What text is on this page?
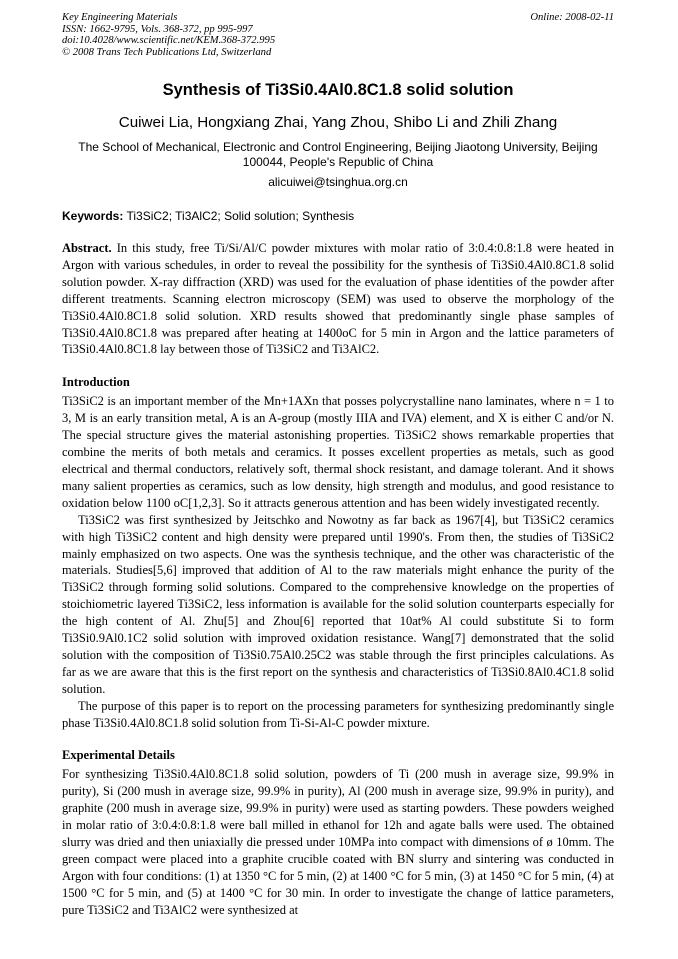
Key Engineering Materials
ISSN: 1662-9795, Vols. 368-372, pp 995-997
doi:10.4028/www.scientific.net/KEM.368-372.995
© 2008 Trans Tech Publications Ltd, Switzerland
Online: 2008-02-11
Synthesis of Ti3Si0.4Al0.8C1.8 solid solution
Cuiwei Lia, Hongxiang Zhai, Yang Zhou, Shibo Li and Zhili Zhang
The School of Mechanical, Electronic and Control Engineering, Beijing Jiaotong University, Beijing
100044, People's Republic of China
alicuiwei@tsinghua.org.cn
Keywords: Ti3SiC2; Ti3AlC2; Solid solution; Synthesis

Abstract. In this study, free Ti/Si/Al/C powder mixtures with molar ratio of 3:0.4:0.8:1.8 were heated in Argon with various schedules, in order to reveal the possibility for the synthesis of Ti3Si0.4Al0.8C1.8 solid solution powder. X-ray diffraction (XRD) was used for the evaluation of phase identities of the powder after different treatments. Scanning electron microscopy (SEM) was used to observe the morphology of the Ti3Si0.4Al0.8C1.8 solid solution. XRD results showed that predominantly single phase samples of Ti3Si0.4Al0.8C1.8 was prepared after heating at 1400oC for 5 min in Argon and the lattice parameters of Ti3Si0.4Al0.8C1.8 lay between those of Ti3SiC2 and Ti3AlC2.

Introduction

Ti3SiC2 is an important member of the Mn+1AXn that posses polycrystalline nano laminates, where n = 1 to 3, M is an early transition metal, A is an A-group (mostly IIIA and IVA) element, and X is either C and/or N. The special structure gives the material astonishing properties. Ti3SiC2 shows remarkable properties that combine the merits of both metals and ceramics. It posses excellent properties as metals, such as good electrical and thermal conductors, relatively soft, thermal shock resistant, and damage tolerant. And it shows many salient properties as ceramics, such as low density, high strength and modulus, and good resistance to oxidation below 1100 oC[1,2,3]. So it attracts generous attention and has been widely investigated recently.

Ti3SiC2 was first synthesized by Jeitschko and Nowotny as far back as 1967[4], but Ti3SiC2 ceramics with high Ti3SiC2 content and high density were prepared until 1990's. From then, the studies of Ti3SiC2 mainly emphasized on two aspects. One was the synthesis technique, and the other was characteristic of the materials. Studies[5,6] improved that addition of Al to the raw materials might enhance the purity of the Ti3SiC2 through forming solid solutions. Compared to the comprehensive knowledge on the properties of stoichiometric layered Ti3SiC2, less information is available for the solid solution counterparts especially for the high content of Al. Zhu[5] and Zhou[6] reported that 10at% Al could substitute Si to form Ti3Si0.9Al0.1C2 solid solution with improved oxidation resistance. Wang[7] demonstrated that the solid solution with the composition of Ti3Si0.75Al0.25C2 was stable through the first principles calculations. As far as we are aware that this is the first report on the synthesis and characteristics of Ti3Si0.8Al0.4C1.8 solid solution.

The purpose of this paper is to report on the processing parameters for synthesizing predominantly single phase Ti3Si0.4Al0.8C1.8 solid solution from Ti-Si-Al-C powder mixture.

Experimental Details

For synthesizing Ti3Si0.4Al0.8C1.8 solid solution, powders of Ti (200 mush in average size, 99.9% in purity), Si (200 mush in average size, 99.9% in purity), Al (200 mush in average size, 99.9% in purity), and graphite (200 mush in average size, 99.9% in purity) were used as starting powders. These powders weighed in molar ratio of 3:0.4:0.8:1.8 were ball milled in ethanol for 12h and agate balls were used. The obtained slurry was dried and then uniaxially die pressed under 10MPa into compact with dimensions of ø 10mm. The green compact were placed into a graphite crucible coated with BN slurry and sintering was conducted in Argon with four conditions: (1) at 1350 °C for 5 min, (2) at 1400 °C for 5 min, (3) at 1450 °C for 5 min, (4) at 1500 °C for 5 min, and (5) at 1400 °C for 30 min. In order to investigate the change of lattice parameters, pure Ti3SiC2 and Ti3AlC2 were synthesized at
